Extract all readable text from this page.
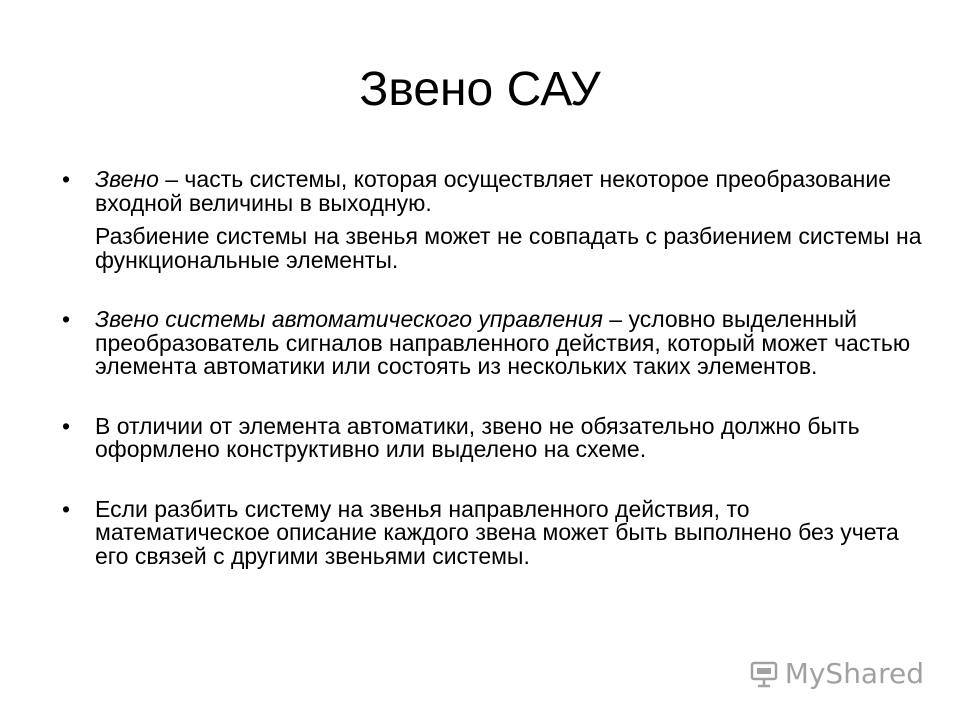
Звено САУ
• Звено – часть системы, которая осуществляет некоторое преобразование входной величины в выходную.

Разбиение системы на звенья может не совпадать с разбиением системы на функциональные элементы.

• Звено системы автоматического управления – условно выделенный преобразователь сигналов направленного действия, который может частью элемента автоматики или состоять из нескольких таких элементов.

• В отличии от элемента автоматики, звено не обязательно должно быть оформлено конструктивно или выделено на схеме.

• Если разбить систему на звенья направленного действия, то математическое описание каждого звена может быть выполнено без учета его связей с другими звеньями системы.

MyShared
